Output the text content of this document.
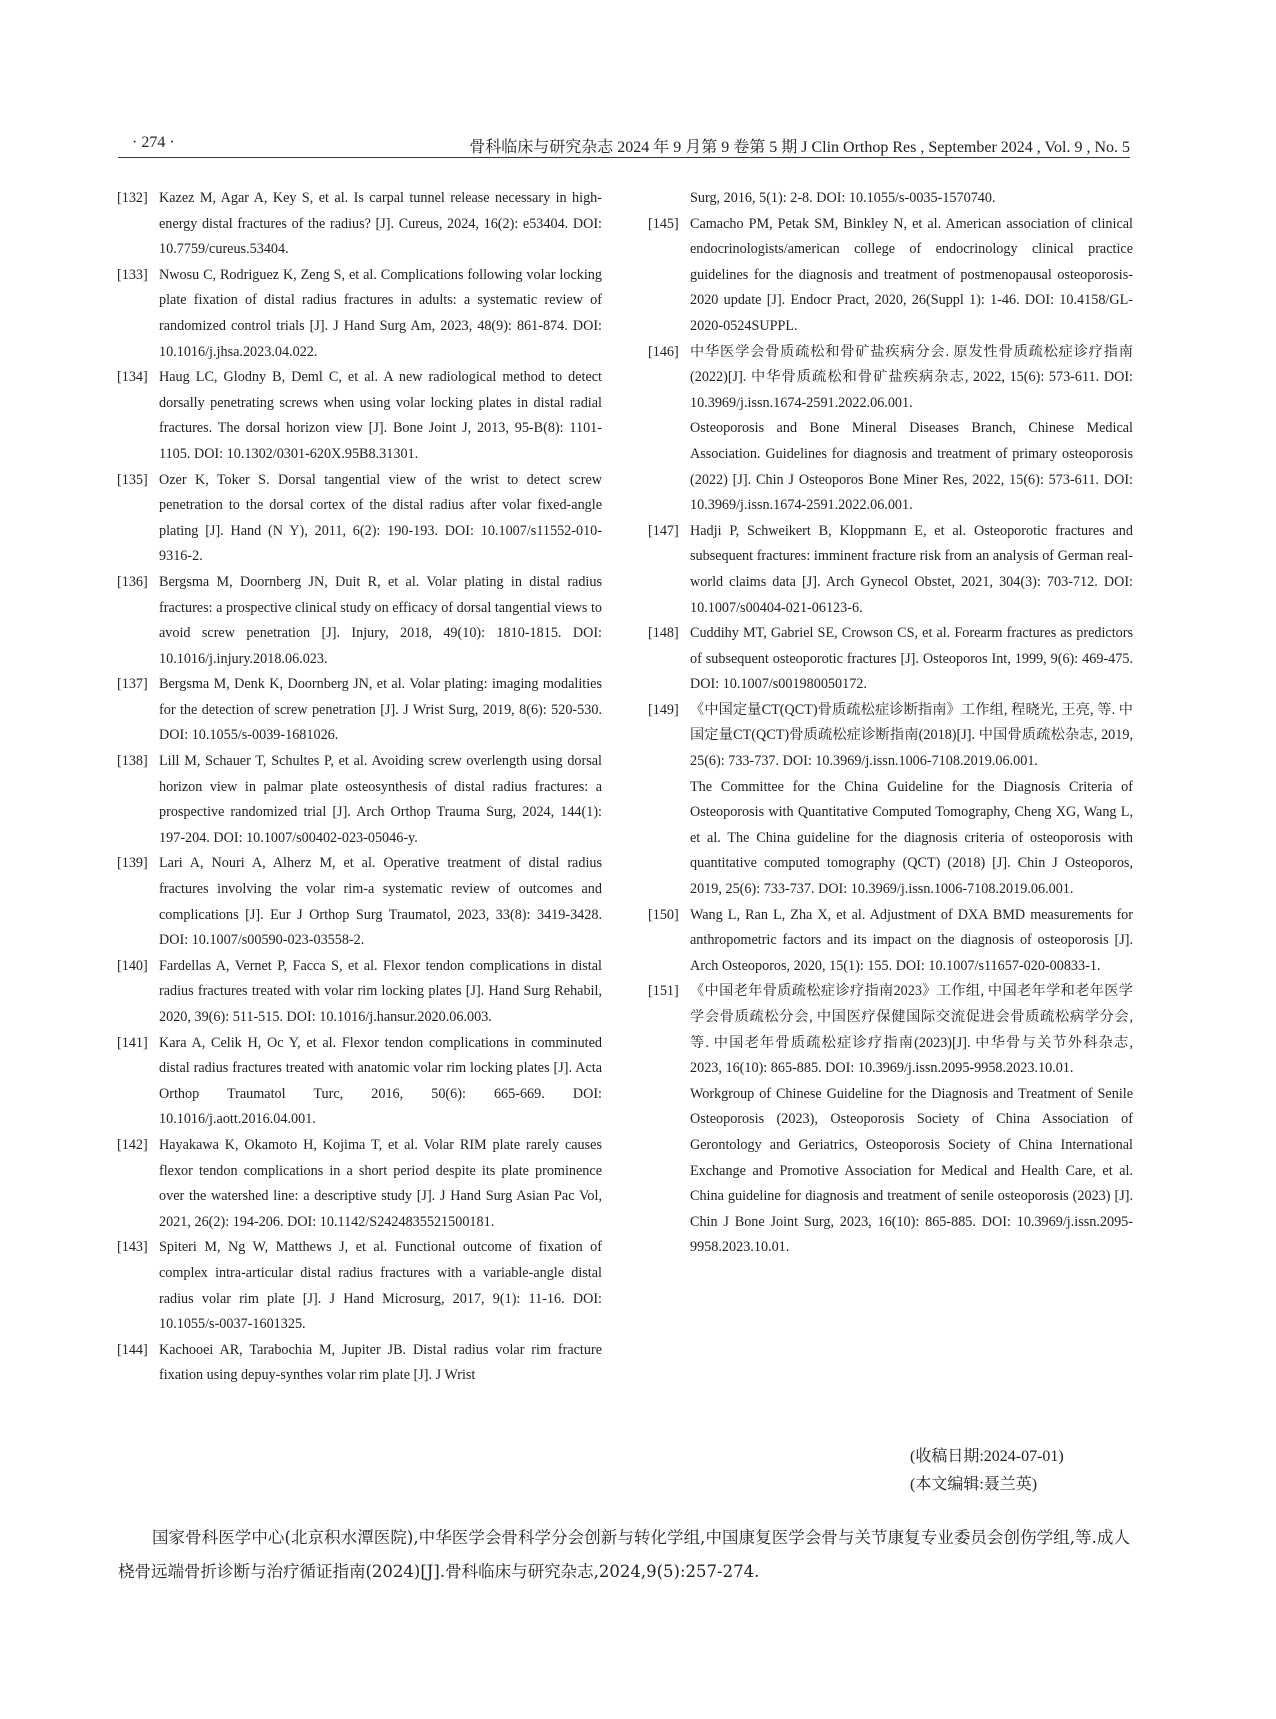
· 274 ·	骨科临床与研究杂志 2024 年 9 月第 9 卷第 5 期 J Clin Orthop Res , September 2024 , Vol. 9 , No. 5
[132] Kazez M, Agar A, Key S, et al. Is carpal tunnel release necessary in high-energy distal fractures of the radius? [J]. Cureus, 2024, 16(2): e53404. DOI: 10.7759/cureus.53404.
[133] Nwosu C, Rodriguez K, Zeng S, et al. Complications following volar locking plate fixation of distal radius fractures in adults: a systematic review of randomized control trials [J]. J Hand Surg Am, 2023, 48(9): 861-874. DOI: 10.1016/j.jhsa.2023.04.022.
[134] Haug LC, Glodny B, Deml C, et al. A new radiological method to detect dorsally penetrating screws when using volar locking plates in distal radial fractures. The dorsal horizon view [J]. Bone Joint J, 2013, 95-B(8): 1101-1105. DOI: 10.1302/0301-620X.95B8.31301.
[135] Ozer K, Toker S. Dorsal tangential view of the wrist to detect screw penetration to the dorsal cortex of the distal radius after volar fixed-angle plating [J]. Hand (N Y), 2011, 6(2): 190-193. DOI: 10.1007/s11552-010-9316-2.
[136] Bergsma M, Doornberg JN, Duit R, et al. Volar plating in distal radius fractures: a prospective clinical study on efficacy of dorsal tangential views to avoid screw penetration [J]. Injury, 2018, 49(10): 1810-1815. DOI: 10.1016/j.injury.2018.06.023.
[137] Bergsma M, Denk K, Doornberg JN, et al. Volar plating: imaging modalities for the detection of screw penetration [J]. J Wrist Surg, 2019, 8(6): 520-530. DOI: 10.1055/s-0039-1681026.
[138] Lill M, Schauer T, Schultes P, et al. Avoiding screw overlength using dorsal horizon view in palmar plate osteosynthesis of distal radius fractures: a prospective randomized trial [J]. Arch Orthop Trauma Surg, 2024, 144(1): 197-204. DOI: 10.1007/s00402-023-05046-y.
[139] Lari A, Nouri A, Alherz M, et al. Operative treatment of distal radius fractures involving the volar rim-a systematic review of outcomes and complications [J]. Eur J Orthop Surg Traumatol, 2023, 33(8): 3419-3428. DOI: 10.1007/s00590-023-03558-2.
[140] Fardellas A, Vernet P, Facca S, et al. Flexor tendon complications in distal radius fractures treated with volar rim locking plates [J]. Hand Surg Rehabil, 2020, 39(6): 511-515. DOI: 10.1016/j.hansur.2020.06.003.
[141] Kara A, Celik H, Oc Y, et al. Flexor tendon complications in comminuted distal radius fractures treated with anatomic volar rim locking plates [J]. Acta Orthop Traumatol Turc, 2016, 50(6): 665-669. DOI: 10.1016/j.aott.2016.04.001.
[142] Hayakawa K, Okamoto H, Kojima T, et al. Volar RIM plate rarely causes flexor tendon complications in a short period despite its plate prominence over the watershed line: a descriptive study [J]. J Hand Surg Asian Pac Vol, 2021, 26(2): 194-206. DOI: 10.1142/S2424835521500181.
[143] Spiteri M, Ng W, Matthews J, et al. Functional outcome of fixation of complex intra-articular distal radius fractures with a variable-angle distal radius volar rim plate [J]. J Hand Microsurg, 2017, 9(1): 11-16. DOI: 10.1055/s-0037-1601325.
[144] Kachooei AR, Tarabochia M, Jupiter JB. Distal radius volar rim fracture fixation using depuy-synthes volar rim plate [J]. J Wrist
Surg, 2016, 5(1): 2-8. DOI: 10.1055/s-0035-1570740.
[145] Camacho PM, Petak SM, Binkley N, et al. American association of clinical endocrinologists/american college of endocrinology clinical practice guidelines for the diagnosis and treatment of postmenopausal osteoporosis-2020 update [J]. Endocr Pract, 2020, 26(Suppl 1): 1-46. DOI: 10.4158/GL-2020-0524SUPPL.
[146] 中华医学会骨质疏松和骨矿盐疾病分会. 原发性骨质疏松症诊疗指南(2022)[J]. 中华骨质疏松和骨矿盐疾病杂志, 2022, 15(6): 573-611. DOI: 10.3969/j.issn.1674-2591.2022.06.001.
Osteoporosis and Bone Mineral Diseases Branch, Chinese Medical Association. Guidelines for diagnosis and treatment of primary osteoporosis (2022) [J]. Chin J Osteoporos Bone Miner Res, 2022, 15(6): 573-611. DOI: 10.3969/j.issn.1674-2591.2022.06.001.
[147] Hadji P, Schweikert B, Kloppmann E, et al. Osteoporotic fractures and subsequent fractures: imminent fracture risk from an analysis of German real-world claims data [J]. Arch Gynecol Obstet, 2021, 304(3): 703-712. DOI: 10.1007/s00404-021-06123-6.
[148] Cuddihy MT, Gabriel SE, Crowson CS, et al. Forearm fractures as predictors of subsequent osteoporotic fractures [J]. Osteoporos Int, 1999, 9(6): 469-475. DOI: 10.1007/s001980050172.
[149] 《中国定量CT(QCT)骨质疏松症诊断指南》工作组, 程晓光, 王亮, 等. 中国定量CT(QCT)骨质疏松症诊断指南(2018)[J]. 中国骨质疏松杂志, 2019, 25(6): 733-737. DOI: 10.3969/j.issn.1006-7108.2019.06.001.
The Committee for the China Guideline for the Diagnosis Criteria of Osteoporosis with Quantitative Computed Tomography, Cheng XG, Wang L, et al. The China guideline for the diagnosis criteria of osteoporosis with quantitative computed tomography (QCT) (2018) [J]. Chin J Osteoporos, 2019, 25(6): 733-737. DOI: 10.3969/j.issn.1006-7108.2019.06.001.
[150] Wang L, Ran L, Zha X, et al. Adjustment of DXA BMD measurements for anthropometric factors and its impact on the diagnosis of osteoporosis [J]. Arch Osteoporos, 2020, 15(1): 155. DOI: 10.1007/s11657-020-00833-1.
[151] 《中国老年骨质疏松症诊疗指南2023》工作组, 中国老年学和老年医学学会骨质疏松分会, 中国医疗保健国际交流促进会骨质疏松病学分会, 等. 中国老年骨质疏松症诊疗指南(2023)[J]. 中华骨与关节外科杂志, 2023, 16(10): 865-885. DOI: 10.3969/j.issn.2095-9958.2023.10.01.
Workgroup of Chinese Guideline for the Diagnosis and Treatment of Senile Osteoporosis (2023), Osteoporosis Society of China Association of Gerontology and Geriatrics, Osteoporosis Society of China International Exchange and Promotive Association for Medical and Health Care, et al. China guideline for diagnosis and treatment of senile osteoporosis (2023) [J]. Chin J Bone Joint Surg, 2023, 16(10): 865-885. DOI: 10.3969/j.issn.2095-9958.2023.10.01.
(收稿日期:2024-07-01)
(本文编辑:聂兰英)
国家骨科医学中心(北京积水潭医院),中华医学会骨科学分会创新与转化学组,中国康复医学会骨与关节康复专业委员会创伤学组,等.成人桡骨远端骨折诊断与治疗循证指南(2024)[J].骨科临床与研究杂志,2024,9(5):257-274.
